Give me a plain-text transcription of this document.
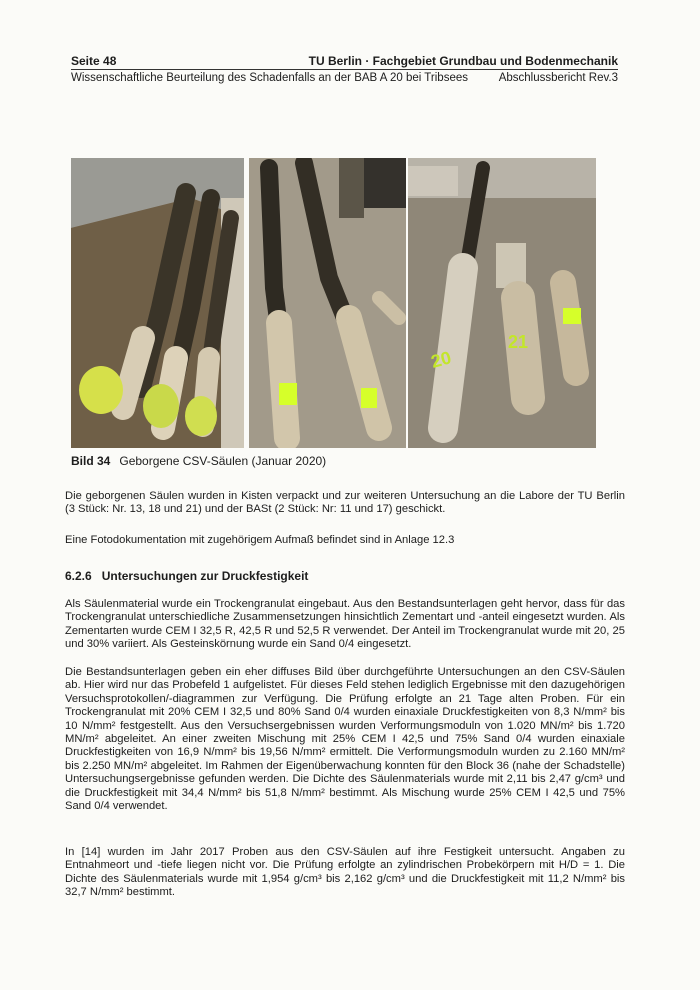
Seite 48	TU Berlin · Fachgebiet Grundbau und Bodenmechanik
Wissenschaftliche Beurteilung des Schadenfalls an der BAB A 20 bei Tribsees	Abschlussbericht Rev.3
20
21
Bild 34 Geborgene CSV-Säulen (Januar 2020)

Die geborgenen Säulen wurden in Kisten verpackt und zur weiteren Untersuchung an die Labore der TU Berlin (3 Stück: Nr. 13, 18 und 21) und der BASt (2 Stück: Nr: 11 und 17) geschickt.

Eine Fotodokumentation mit zugehörigem Aufmaß befindet sind in Anlage 12.3

6.2.6 Untersuchungen zur Druckfestigkeit

Als Säulenmaterial wurde ein Trockengranulat eingebaut. Aus den Bestandsunterlagen geht hervor, dass für das Trockengranulat unterschiedliche Zusammensetzungen hinsichtlich Zementart und -anteil eingesetzt wurden. Als Zementarten wurde CEM I 32,5 R, 42,5 R und 52,5 R verwendet. Der Anteil im Trockengranulat wurde mit 20, 25 und 30% variiert. Als Gesteinskörnung wurde ein Sand 0/4 eingesetzt.

Die Bestandsunterlagen geben ein eher diffuses Bild über durchgeführte Untersuchungen an den CSV-Säulen ab. Hier wird nur das Probefeld 1 aufgelistet. Für dieses Feld stehen lediglich Ergebnisse mit den dazugehörigen Versuchsprotokollen/-diagrammen zur Verfügung. Die Prüfung erfolgte an 21 Tage alten Proben. Für ein Trockengranulat mit 20% CEM I 32,5 und 80% Sand 0/4 wurden einaxiale Druckfestigkeiten von 8,3 N/mm² bis 10 N/mm² festgestellt. Aus den Versuchsergebnissen wurden Verformungsmoduln von 1.020 MN/m² bis 1.720 MN/m² abgeleitet. An einer zweiten Mischung mit 25% CEM I 42,5 und 75% Sand 0/4 wurden einaxiale Druckfestigkeiten von 16,9 N/mm² bis 19,56 N/mm² ermittelt. Die Verformungsmoduln wurden zu 2.160 MN/m² bis 2.250 MN/m² abgeleitet. Im Rahmen der Eigenüberwachung konnten für den Block 36 (nahe der Schadstelle) Untersuchungsergebnisse gefunden werden. Die Dichte des Säulenmaterials wurde mit 2,11 bis 2,47 g/cm³ und die Druckfestigkeit mit 34,4 N/mm² bis 51,8 N/mm² bestimmt. Als Mischung wurde 25% CEM I 42,5 und 75% Sand 0/4 verwendet.

In [14] wurden im Jahr 2017 Proben aus den CSV-Säulen auf ihre Festigkeit untersucht. Angaben zu Entnahmeort und -tiefe liegen nicht vor. Die Prüfung erfolgte an zylindrischen Probekörpern mit H/D = 1. Die Dichte des Säulenmaterials wurde mit 1,954 g/cm³ bis 2,162 g/cm³ und die Druckfestigkeit mit 11,2 N/mm² bis 32,7 N/mm² bestimmt.
